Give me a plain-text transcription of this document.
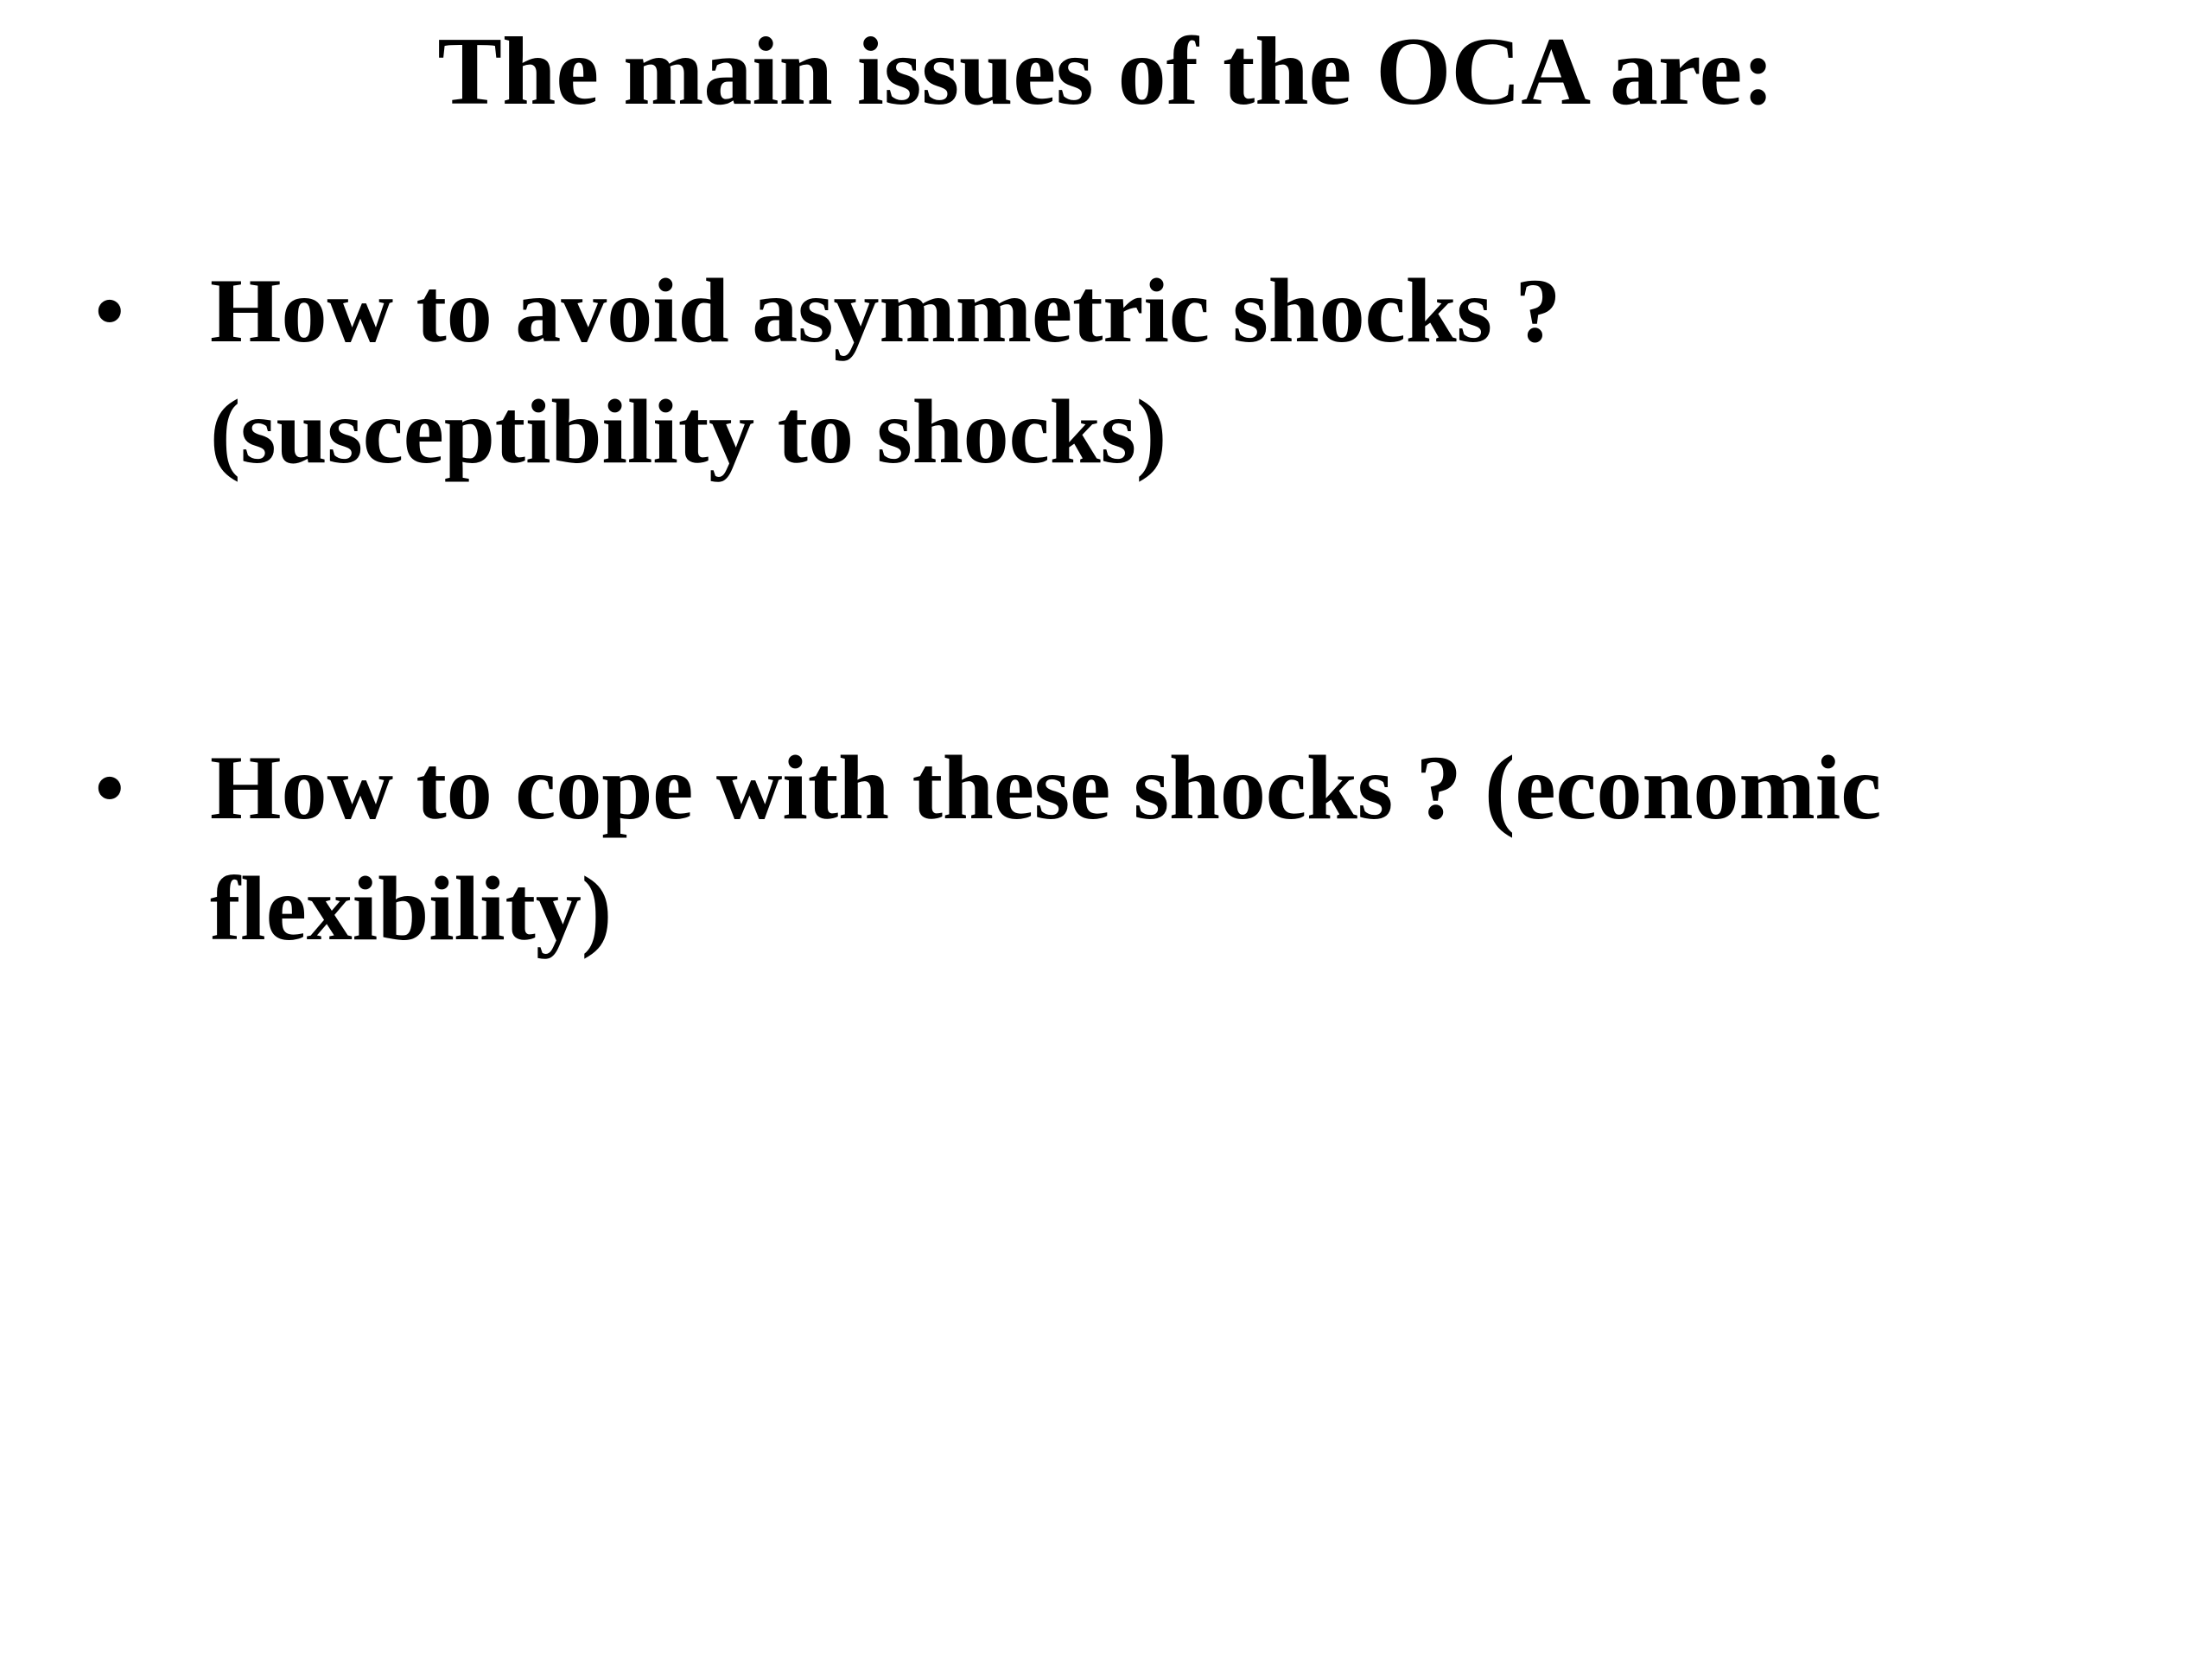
The main issues of the OCA are:
• How to avoid asymmetric shocks ?
(susceptibility to shocks)
• How to cope with these shocks ? (economic
flexibility)
